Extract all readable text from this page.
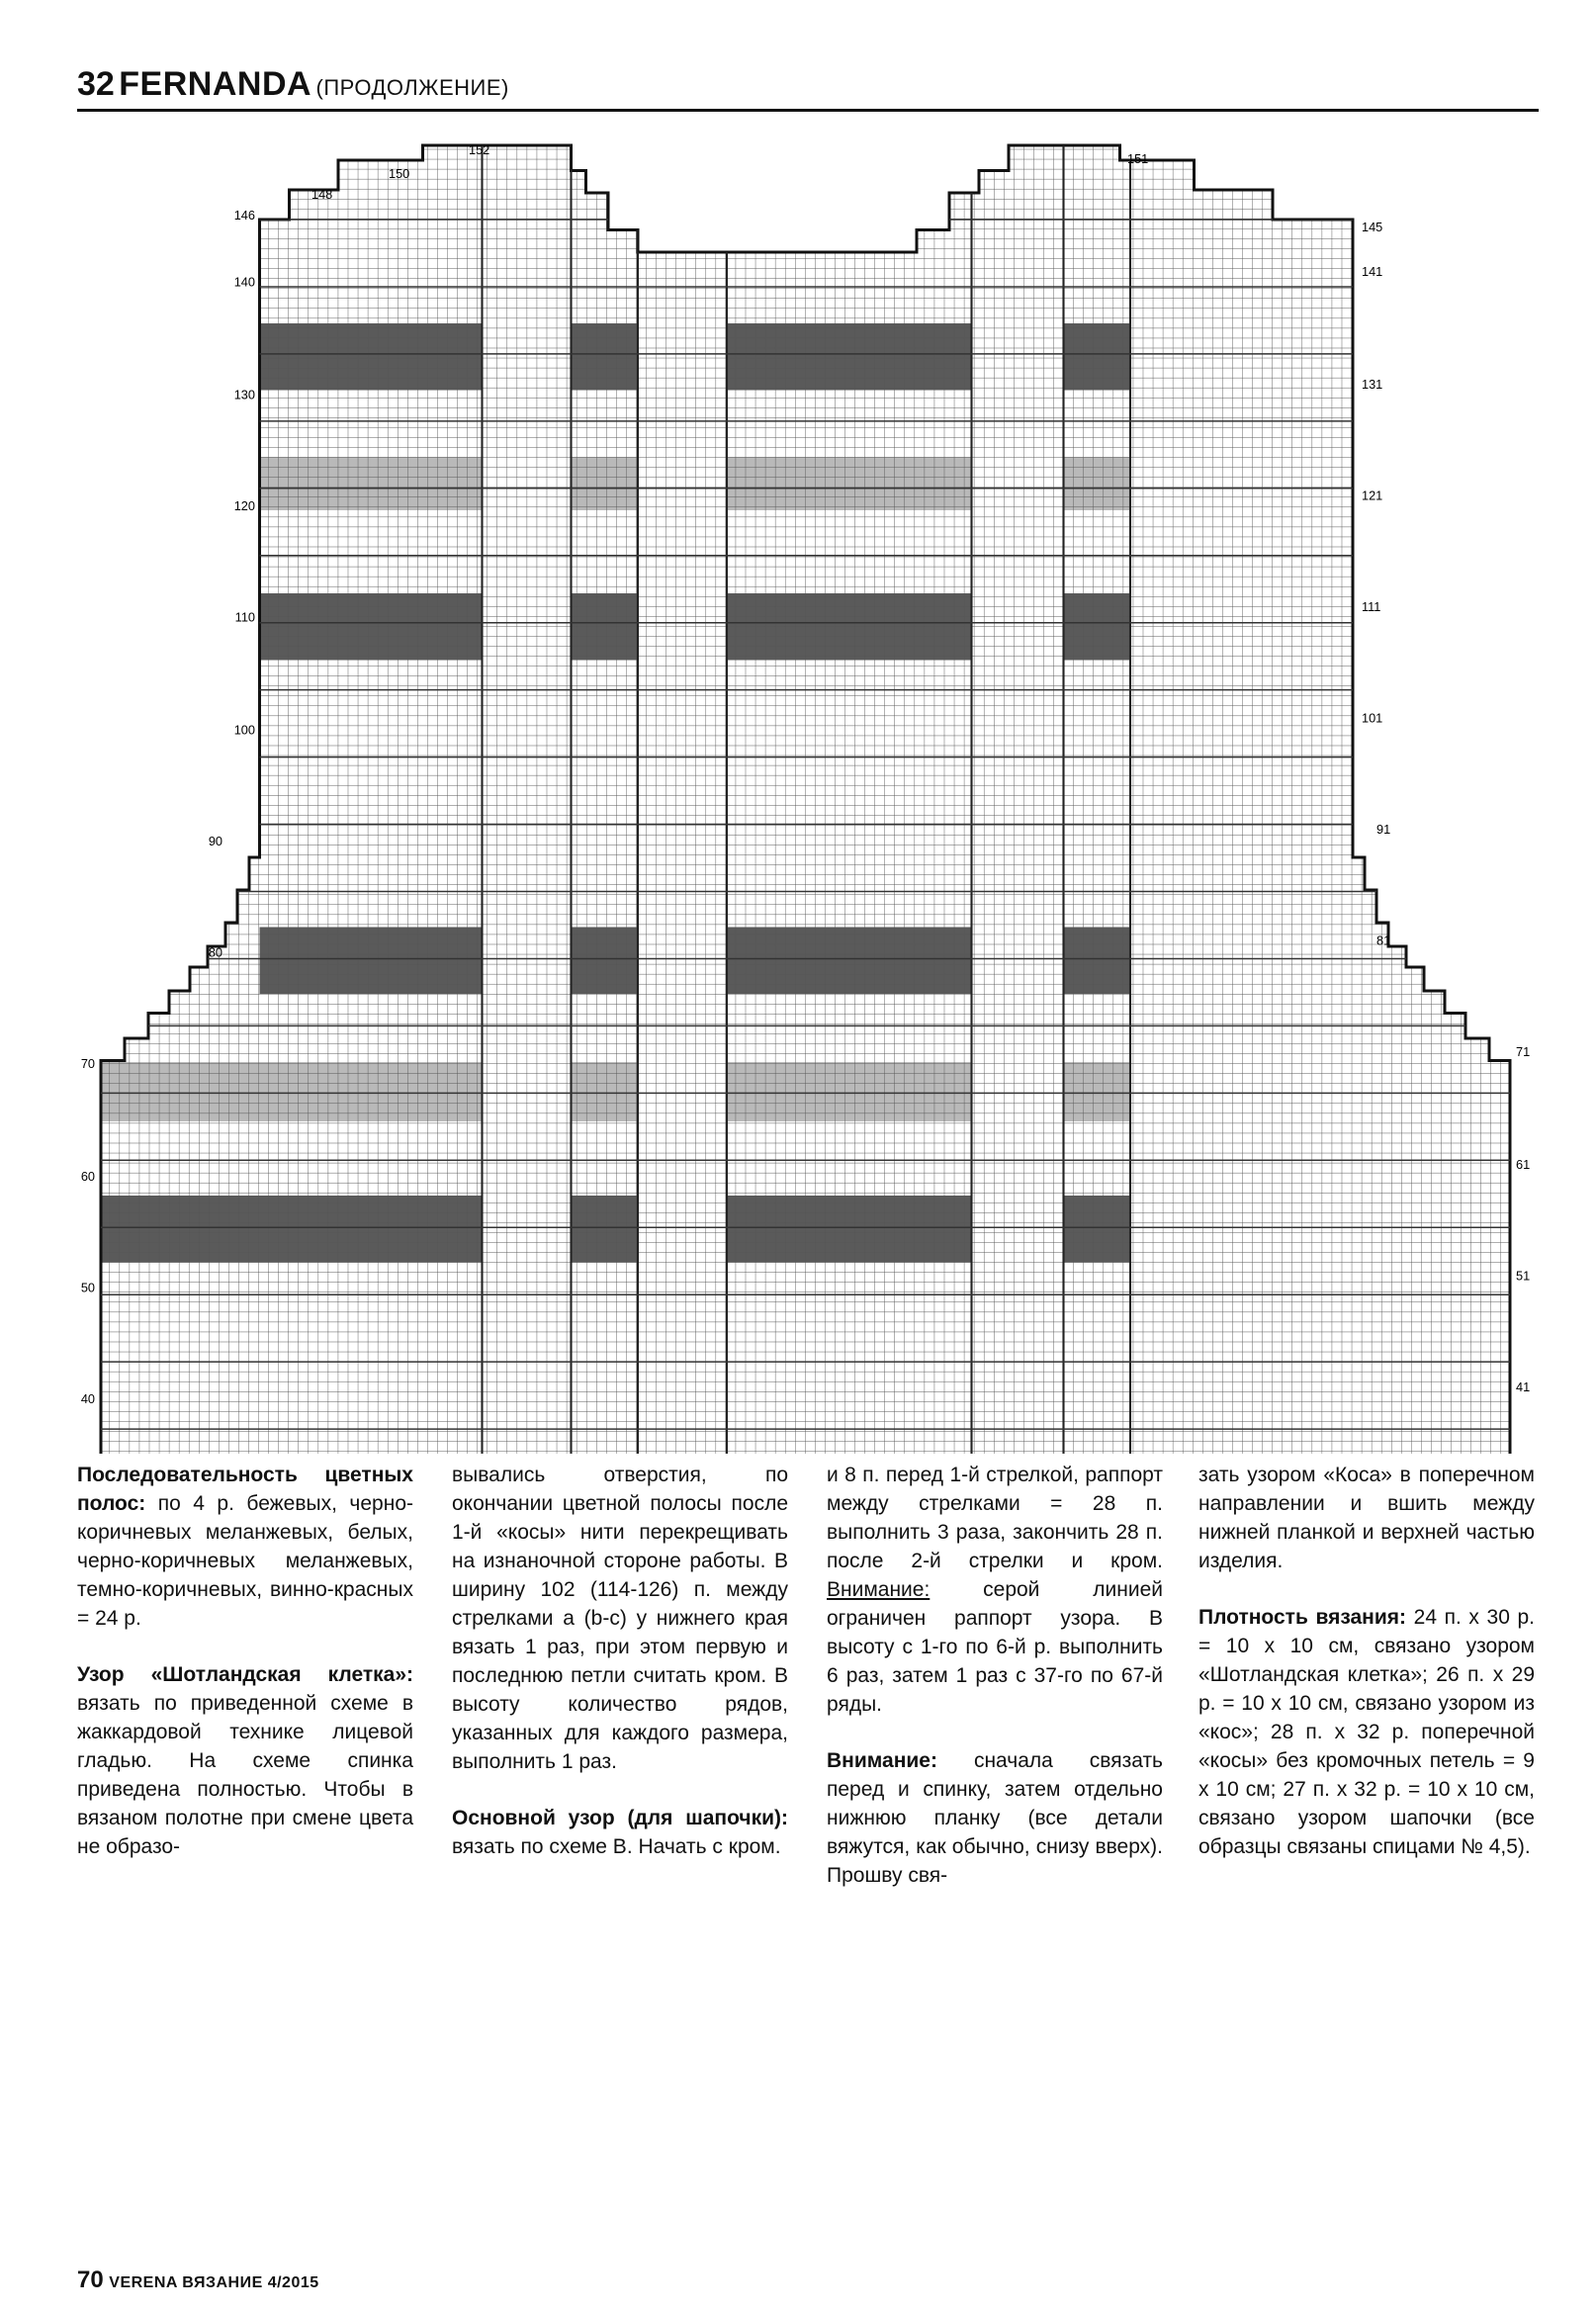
32 FERNANDA (ПРОДОЛЖЕНИЕ)
146
140
130
120
110
100
90
80
70
60
50
40
145
141
131
121
111
101
91
81
71
61
51
41
152
150
148
151

Последовательность цветных полос: по 4 р. бежевых, черно-коричневых меланжевых, белых, черно-коричневых меланжевых, темно-коричневых, винно-красных = 24 р.

Узор «Шотландская клетка»: вязать по приведенной схеме в жаккардовой технике лицевой гладью. На схеме спинка приведена полностью. Чтобы в вязаном полотне при смене цвета не образо-

вывались отверстия, по окончании цветной полосы после 1-й «косы» нити перекрещивать на изнаночной стороне работы. В ширину 102 (114-126) п. между стрелками a (b-c) у нижнего края вязать 1 раз, при этом первую и последнюю петли считать кром. В высоту количество рядов, указанных для каждого размера, выполнить 1 раз.

Основной узор (для шапочки): вязать по схеме B. Начать с кром.

и 8 п. перед 1-й стрелкой, раппорт между стрелками = 28 п. выполнить 3 раза, закончить 28 п. после 2-й стрелки и кром. Внимание: серой линией ограничен раппорт узора. В высоту с 1-го по 6-й р. выполнить 6 раз, затем 1 раз с 37-го по 67-й ряды.

Внимание: сначала связать перед и спинку, затем отдельно нижнюю планку (все детали вяжутся, как обычно, снизу вверх). Прошву свя-

зать узором «Коса» в поперечном направлении и вшить между нижней планкой и верхней частью изделия.

Плотность вязания: 24 п. х 30 р. = 10 х 10 см, связано узором «Шотландская клетка»; 26 п. х 29 р. = 10 х 10 см, связано узором из «кос»; 28 п. х 32 р. поперечной «косы» без кромочных петель = 9 х 10 см; 27 п. х 32 р. = 10 х 10 см, связано узором шапочки (все образцы связаны спицами № 4,5).

70 VERENA ВЯЗАНИЕ 4/2015
